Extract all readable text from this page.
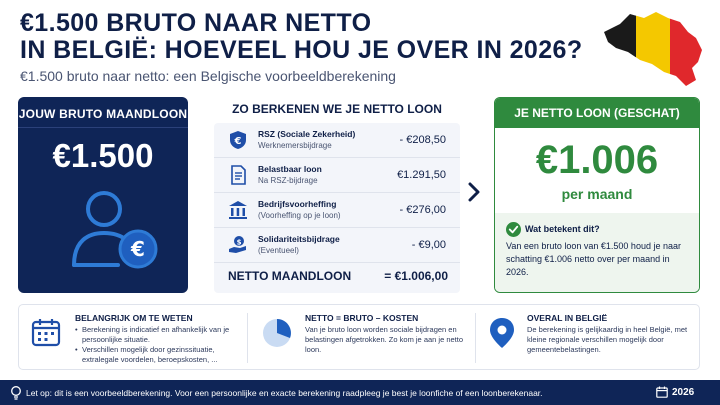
€1.500 BRUTO NAAR NETTO
IN BELGIË: HOEVEEL HOU JE OVER IN 2026?
€1.500 bruto naar netto: een Belgische voorbeeldberekening
JOUW BRUTO MAANDLOON
€1.500
€
ZO BERKENEN WE JE NETTO LOON
€
RSZ (Sociale Zekerheid)
Werknemersbijdrage	- €208,50
Belastbaar loon
Na RSZ-bijdrage	€1.291,50
Bedrijfsvoorheffing
(Voorheffing op je loon)	- €276,00
$ Solidariteitsbijdrage
(Eventueel)	- €9,00
NETTO MAANDLOON	= €1.006,00
JE NETTO LOON (GESCHAT)
€1.006
per maand
Wat betekent dit?
Van een bruto loon van €1.500 houd je naar schatting €1.006 netto over per maand in 2026.
BELANGRIJK OM TE WETEN
• Berekening is indicatief en afhankelijk van je persoonlijke situatie.
• Verschillen mogelijk door gezinssituatie, extralegale voordelen, beroepskosten, ...
NETTO = BRUTO – KOSTEN
Van je bruto loon worden sociale bijdragen en belastingen afgetrokken. Zo kom je aan je netto loon.
OVERAL IN BELGIË
De berekening is gelijkaardig in heel België, met kleine regionale verschillen mogelijk door gemeentebelastingen.
Let op: dit is een voorbeeldberekening. Voor een persoonlijke en exacte berekening raadpleeg je best je loonfiche of een loonberekenaar.	2026
